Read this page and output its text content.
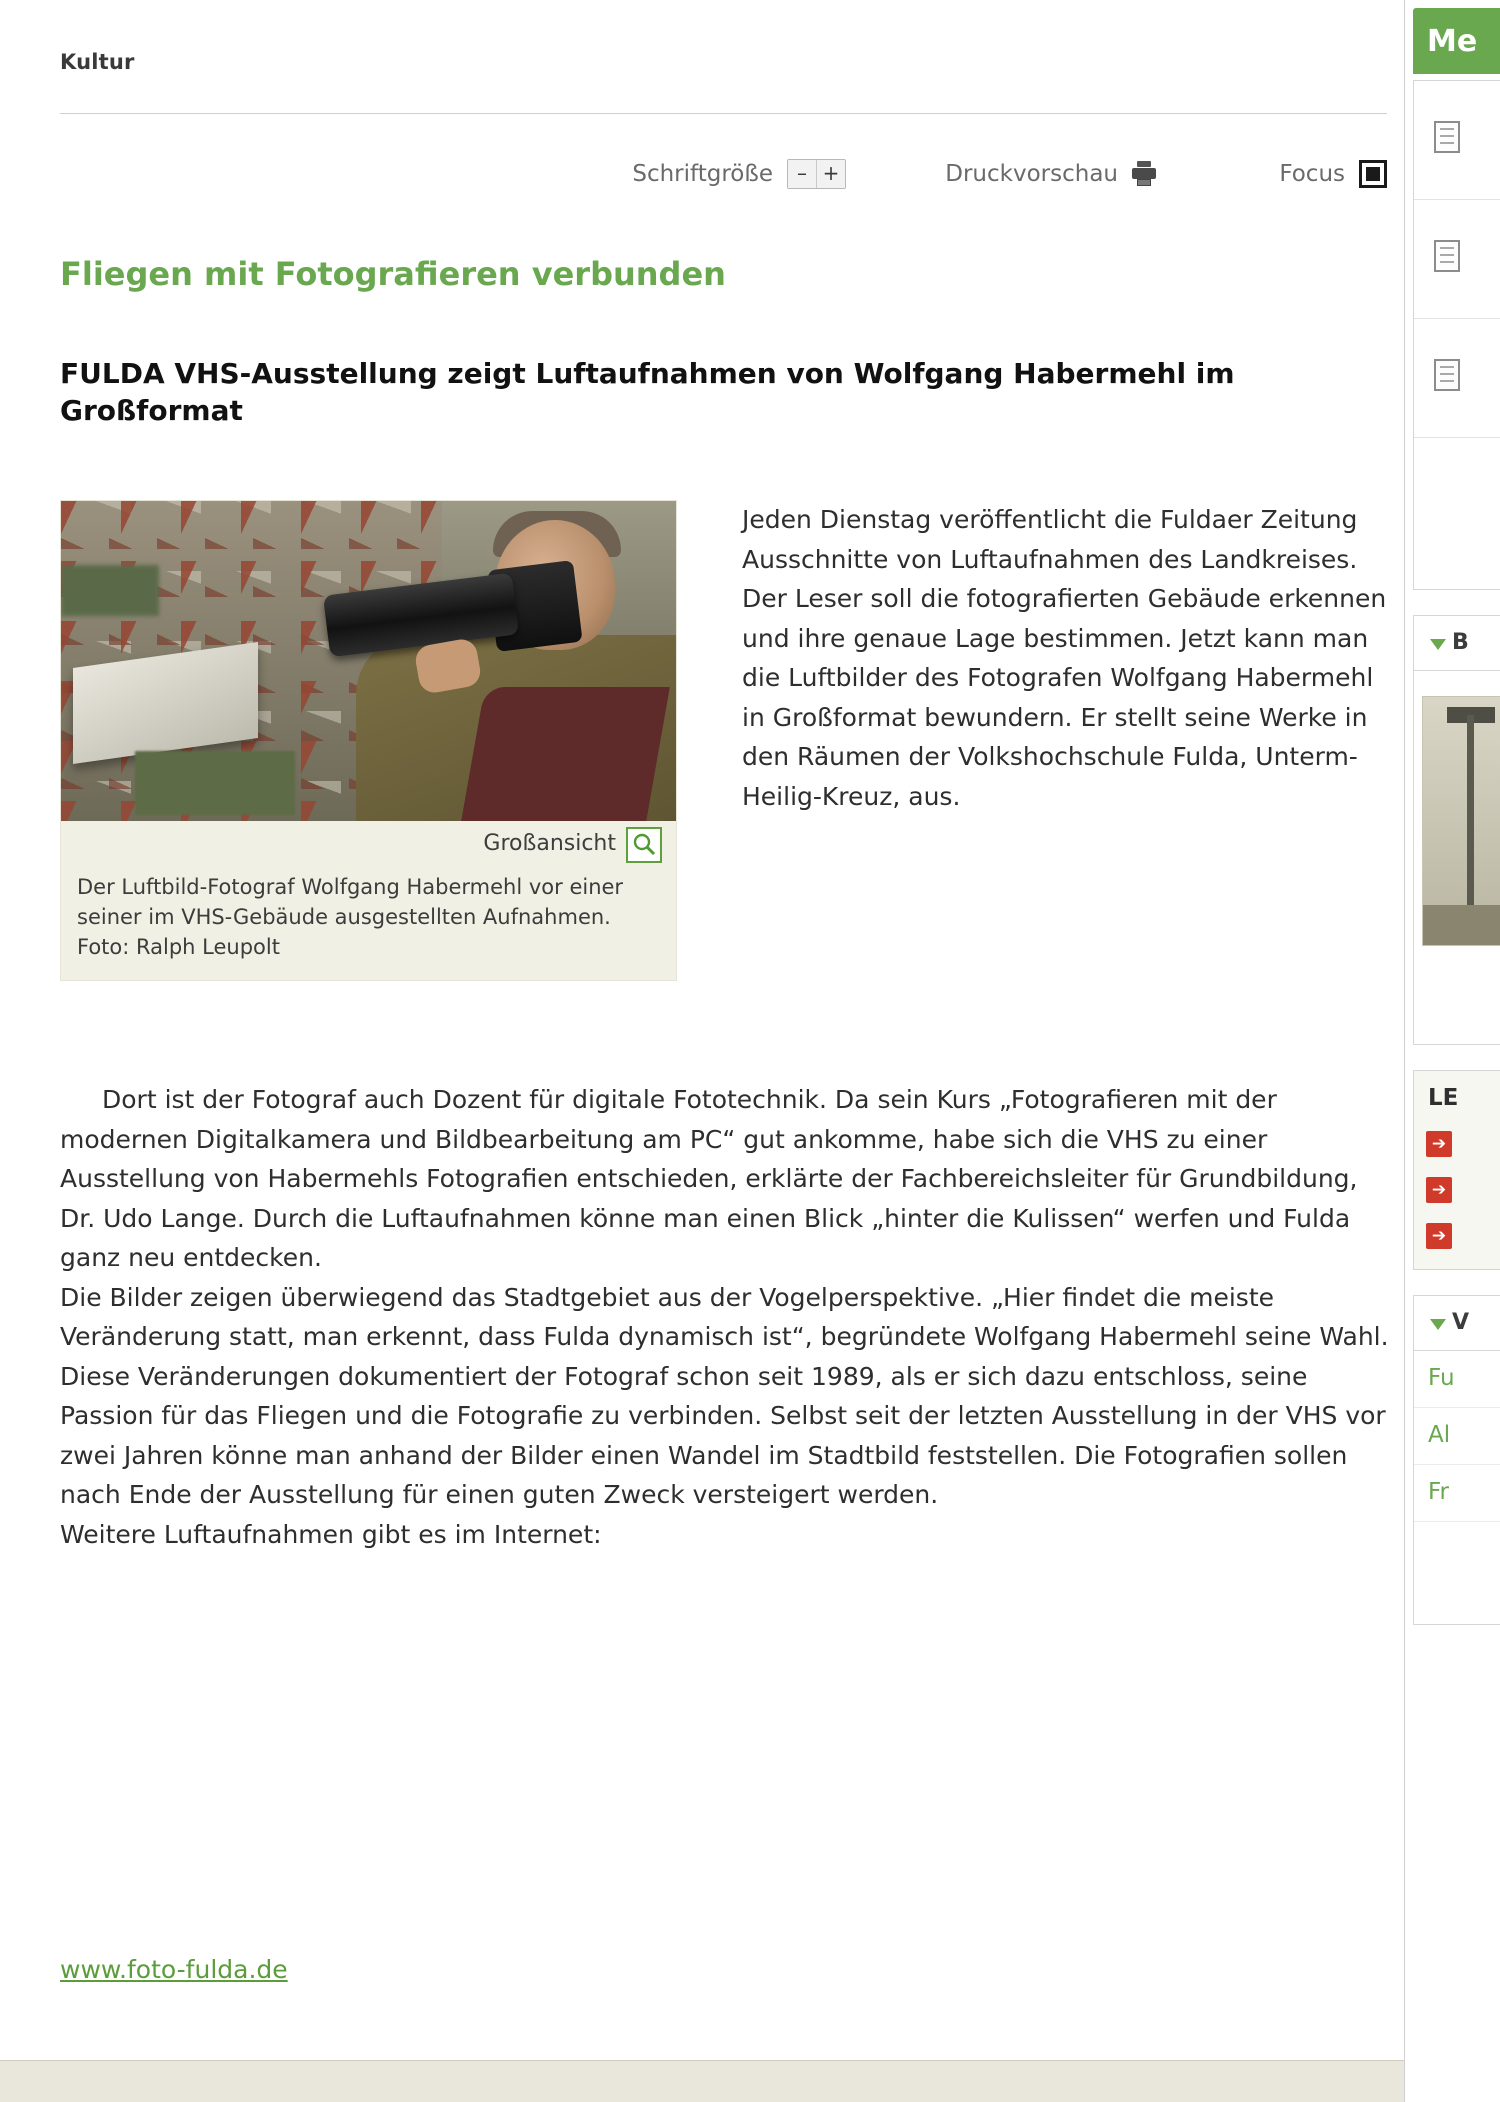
Kultur
Schriftgröße	– +	Druckvorschau	Focus
Fliegen mit Fotografieren verbunden
FULDA VHS-Ausstellung zeigt Luftaufnahmen von Wolfgang Habermehl im Großformat
Großansicht
Der Luftbild-Fotograf Wolfgang Habermehl vor einer seiner im VHS-Gebäude ausgestellten Aufnahmen. Foto: Ralph Leupolt

Jeden Dienstag veröffentlicht die Fuldaer Zeitung Ausschnitte von Luftaufnahmen des Landkreises. Der Leser soll die fotografierten Gebäude erkennen und ihre genaue Lage bestimmen. Jetzt kann man die Luftbilder des Fotografen Wolfgang Habermehl in Großformat bewundern. Er stellt seine Werke in den Räumen der Volkshochschule Fulda, Unterm-Heilig-Kreuz, aus.

Dort ist der Fotograf auch Dozent für digitale Fototechnik. Da sein Kurs „Fotografieren mit der modernen Digitalkamera und Bildbearbeitung am PC“ gut ankomme, habe sich die VHS zu einer Ausstellung von Habermehls Fotografien entschieden, erklärte der Fachbereichsleiter für Grundbildung, Dr. Udo Lange. Durch die Luftaufnahmen könne man einen Blick „hinter die Kulissen“ werfen und Fulda ganz neu entdecken.

Die Bilder zeigen überwiegend das Stadtgebiet aus der Vogelperspektive. „Hier findet die meiste Veränderung statt, man erkennt, dass Fulda dynamisch ist“, begründete Wolfgang Habermehl seine Wahl. Diese Veränderungen dokumentiert der Fotograf schon seit 1989, als er sich dazu entschloss, seine Passion für das Fliegen und die Fotografie zu verbinden. Selbst seit der letzten Ausstellung in der VHS vor zwei Jahren könne man anhand der Bilder einen Wandel im Stadtbild feststellen. Die Fotografien sollen nach Ende der Ausstellung für einen guten Zweck versteigert werden.

Weitere Luftaufnahmen gibt es im Internet:

www.foto-fulda.de
Me
B
LE
➔
➔
➔
V
Fu
Al
Fr
